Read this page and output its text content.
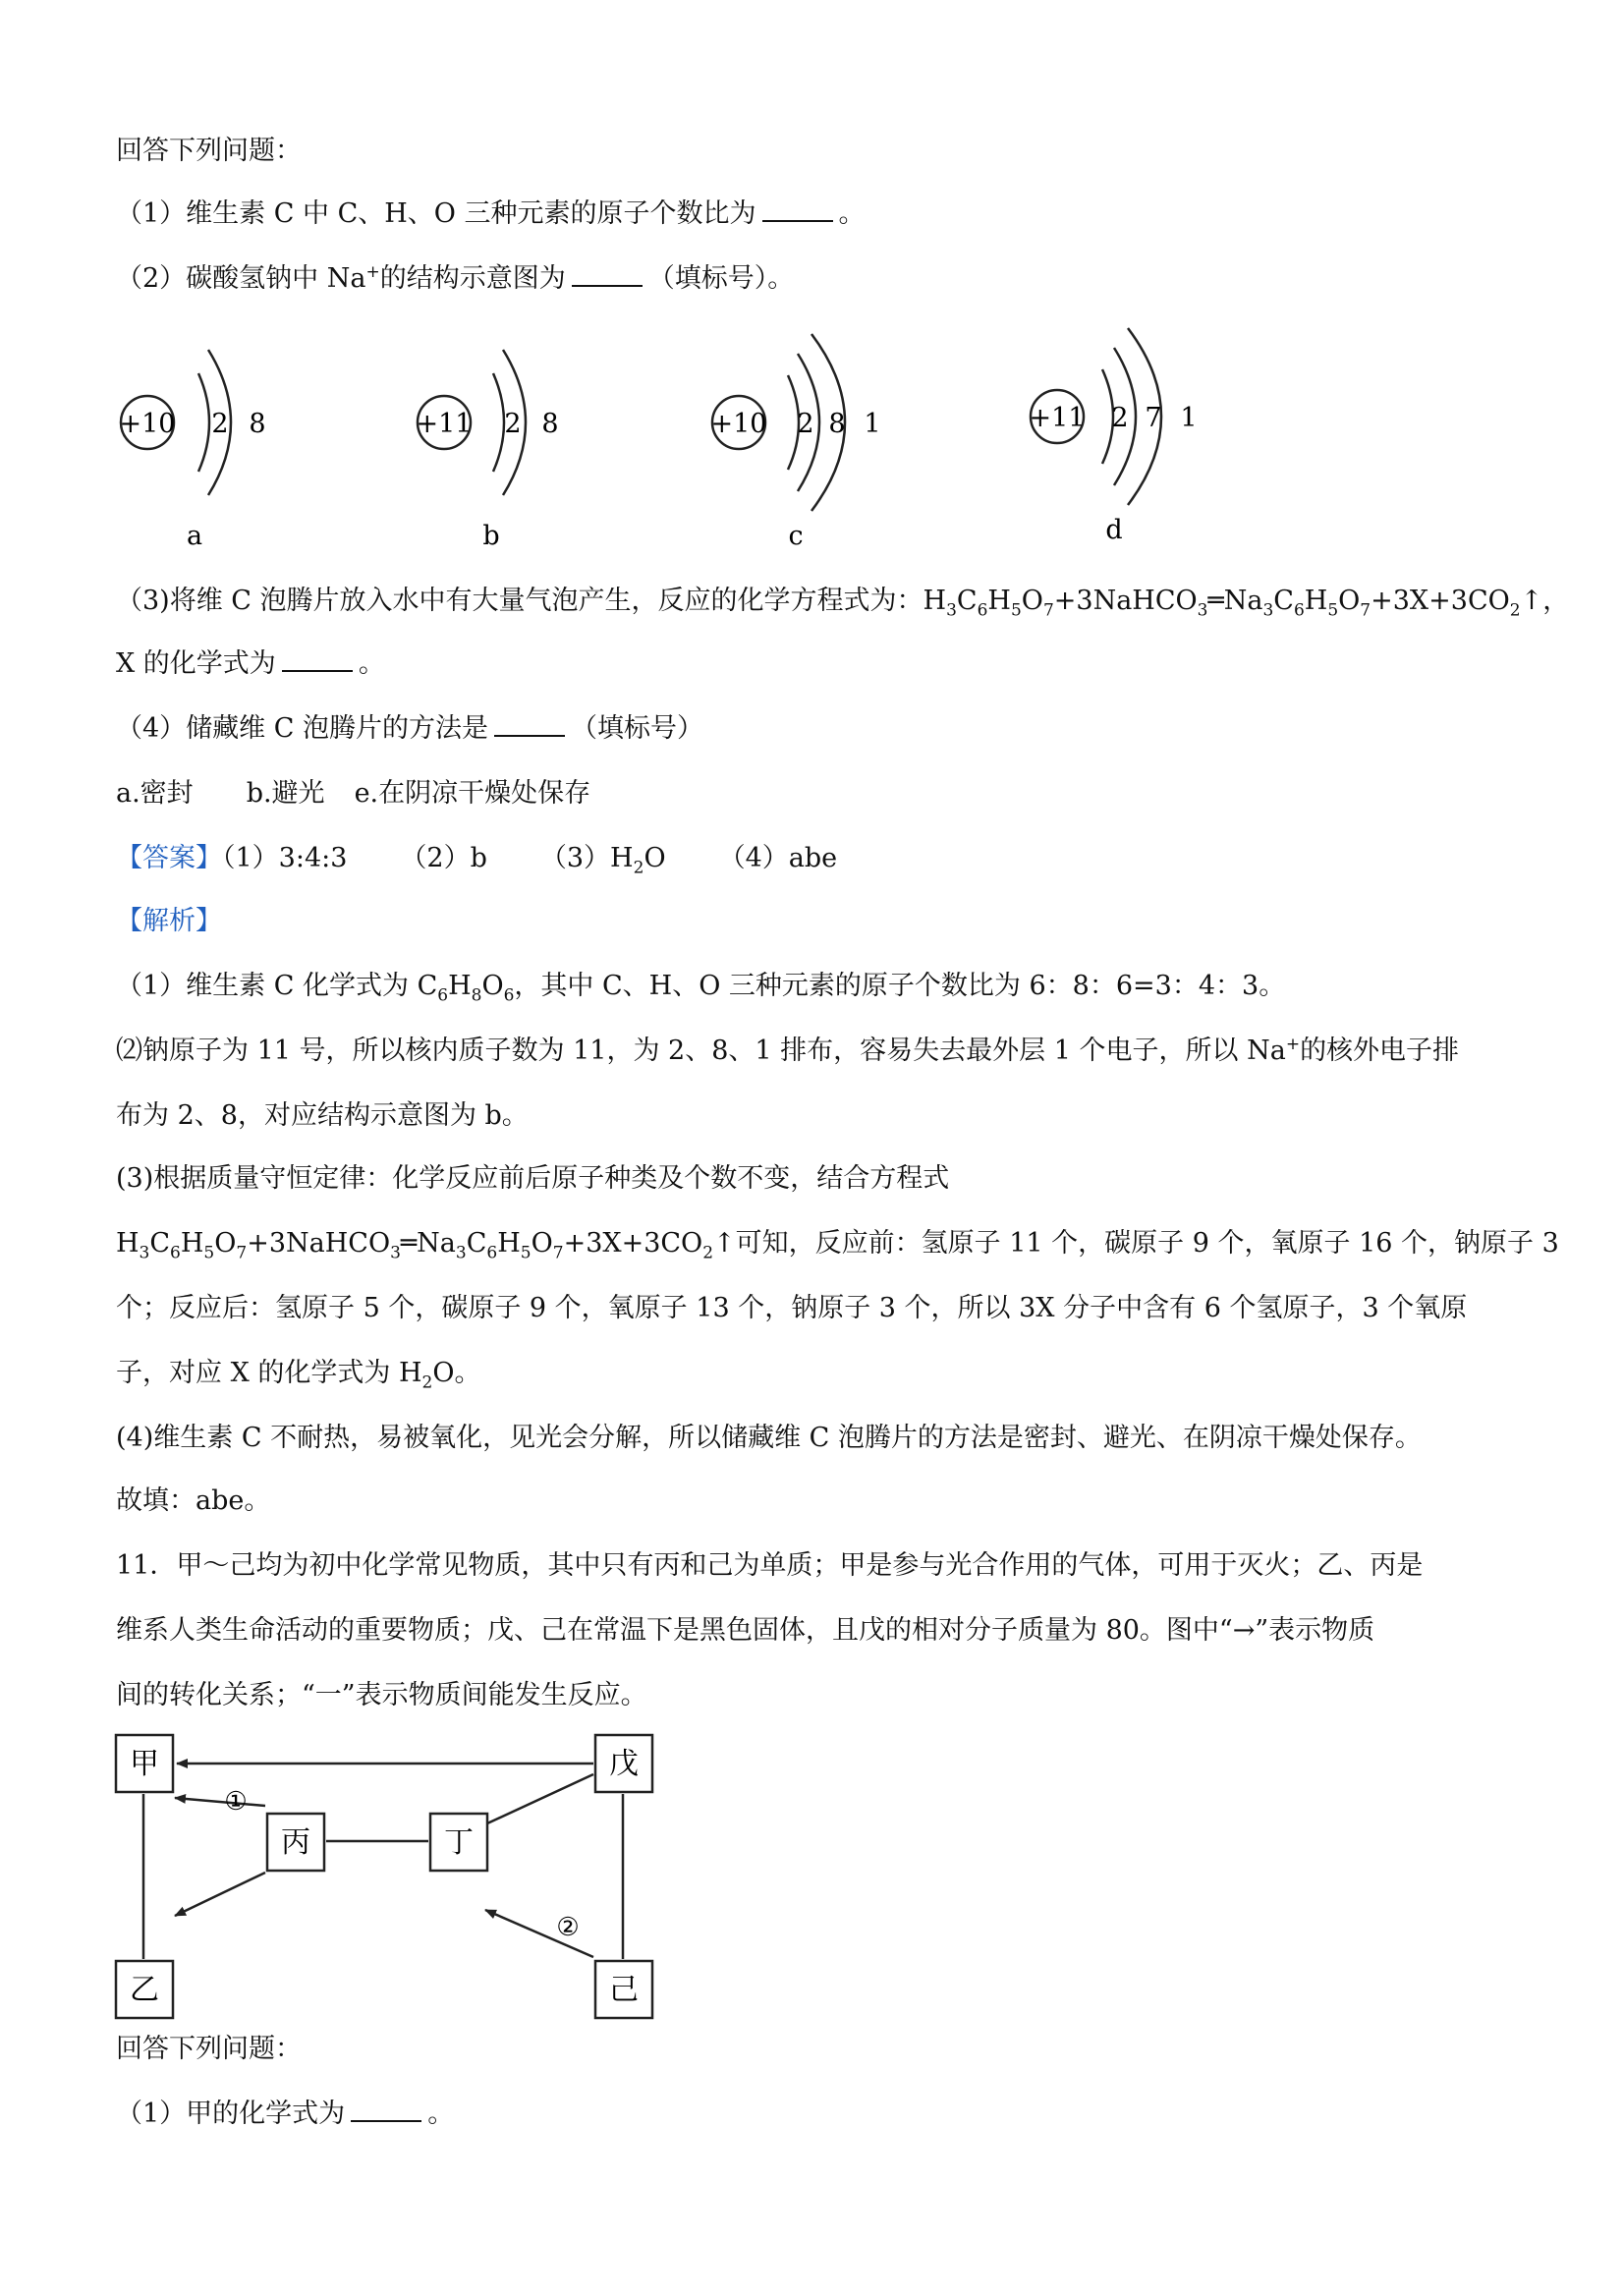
回答下列问题：
（1）维生素 C 中 C、H、O 三种元素的原子个数比为	。
（2）碳酸氢钠中 Na+的结构示意图为	（填标号）。
+10 2 8
a
+11 2 8
b
+10 2 8 1
c
+11 2 7 1
d
（3)将维 C 泡腾片放入水中有大量气泡产生，反应的化学方程式为：$H_3C_6H_5O_7+3NaHCO_3═Na_3C_6H_5O_7+3X+3CO_2↑$，
X 的化学式为	。
（4）储藏维 C 泡腾片的方法是	（填标号）
a.密封 b.避光 e.在阴凉干燥处保存
【答案】（1）3:4:3 （2）b $(3)H_2O$ （4）abe
【解析】
（1）维生素 C 化学式为 $C_6H_8O_6$，其中 C、H、O 三种元素的原子个数比为 6：8：6=3：4：3。
⑵钠原子为 11 号，所以核内质子数为 11，为 2、8、1 排布，容易失去最外层 1 个电子，所以 Na+的核外电子排
布为 2、8，对应结构示意图为 b。
(3)根据质量守恒定律：化学反应前后原子种类及个数不变，结合方程式
$H_3C_6H_5O_7+3NaHCO_3═Na_3C_6H_5O_7+3X+3CO_2↑$可知，反应前：氢原子 11 个，碳原子 9 个，氧原子 16 个，钠原子 3
个；反应后：氢原子 5 个，碳原子 9 个，氧原子 13 个，钠原子 3 个，所以 3X 分子中含有 6 个氢原子，3 个氧原
子，对应 X 的化学式为 $H_2O$。
(4)维生素 C 不耐热，易被氧化，见光会分解，所以储藏维 C 泡腾片的方法是密封、避光、在阴凉干燥处保存。
故填：abe。
11．甲～己均为初中化学常见物质，其中只有丙和己为单质；甲是参与光合作用的气体，可用于灭火；乙、丙是
维系人类生命活动的重要物质；戊、己在常温下是黑色固体，且戊的相对分子质量为 80。图中“→”表示物质
间的转化关系；“一”表示物质间能发生反应。
甲	戊
丙	丁
乙	己
①
②
回答下列问题：
（1）甲的化学式为	。
